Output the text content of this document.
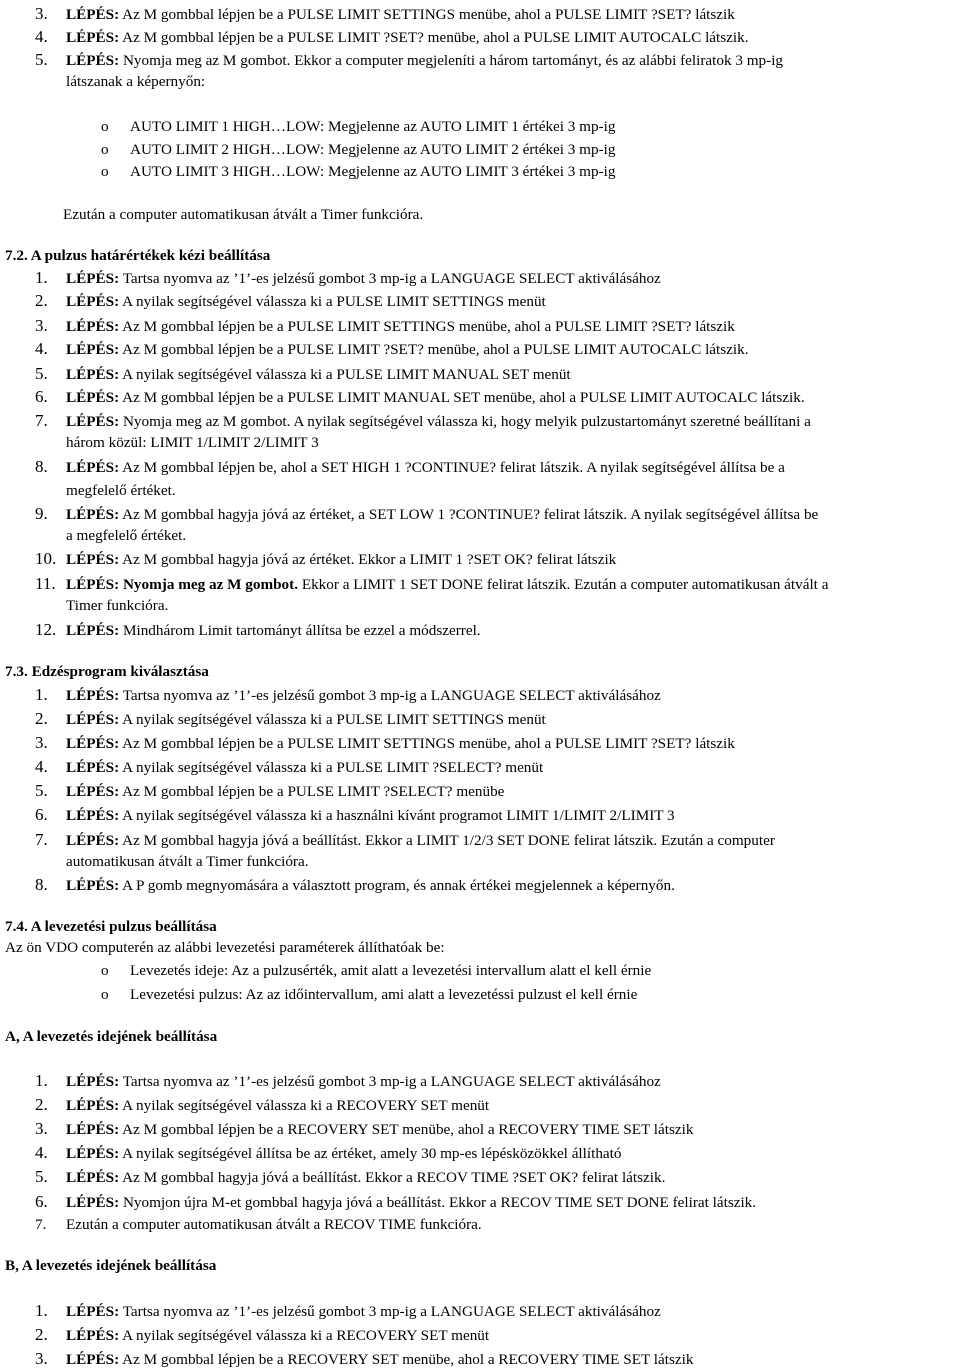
3. LÉPÉS: Az M gombbal lépjen be a PULSE LIMIT SETTINGS menübe, ahol a PULSE LIMIT ?SET? látszik
4. LÉPÉS: Az M gombbal lépjen be a PULSE LIMIT ?SET? menübe, ahol a PULSE LIMIT AUTOCALC látszik.
5. LÉPÉS: Nyomja meg az M gombot. Ekkor a computer megjeleníti a három tartományt, és az alábbi feliratok 3 mp-ig
látszanak a képernyőn:
o AUTO LIMIT 1 HIGH…LOW: Megjelenne az AUTO LIMIT 1 értékei 3 mp-ig
o AUTO LIMIT 2 HIGH…LOW: Megjelenne az AUTO LIMIT 2 értékei 3 mp-ig
o AUTO LIMIT 3 HIGH…LOW: Megjelenne az AUTO LIMIT 3 értékei 3 mp-ig
Ezután a computer automatikusan átvált a Timer funkcióra.
7.2. A pulzus határértékek kézi beállítása
1. LÉPÉS: Tartsa nyomva az ’1’-es jelzésű gombot 3 mp-ig a LANGUAGE SELECT aktiválásához
2. LÉPÉS: A nyilak segítségével válassza ki a PULSE LIMIT SETTINGS menüt
3. LÉPÉS: Az M gombbal lépjen be a PULSE LIMIT SETTINGS menübe, ahol a PULSE LIMIT ?SET? látszik
4. LÉPÉS: Az M gombbal lépjen be a PULSE LIMIT ?SET? menübe, ahol a PULSE LIMIT AUTOCALC látszik.
5. LÉPÉS: A nyilak segítségével válassza ki a PULSE LIMIT MANUAL SET menüt
6. LÉPÉS: Az M gombbal lépjen be a PULSE LIMIT MANUAL SET menübe, ahol a PULSE LIMIT AUTOCALC látszik.
7. LÉPÉS: Nyomja meg az M gombot. A nyilak segítségével válassza ki, hogy melyik pulzustartományt szeretné beállítani a
három közül: LIMIT 1/LIMIT 2/LIMIT 3
8. LÉPÉS: Az M gombbal lépjen be, ahol a SET HIGH 1 ?CONTINUE? felirat látszik. A nyilak segítségével állítsa be a
megfelelő értéket.
9. LÉPÉS: Az M gombbal hagyja jóvá az értéket, a SET LOW 1 ?CONTINUE? felirat látszik. A nyilak segítségével állítsa be
a megfelelő értéket.
10. LÉPÉS: Az M gombbal hagyja jóvá az értéket. Ekkor a LIMIT 1 ?SET OK? felirat látszik
11. LÉPÉS: Nyomja meg az M gombot. Ekkor a LIMIT 1 SET DONE felirat látszik. Ezután a computer automatikusan átvált a
Timer funkcióra.
12. LÉPÉS: Mindhárom Limit tartományt állítsa be ezzel a módszerrel.
7.3. Edzésprogram kiválasztása
1. LÉPÉS: Tartsa nyomva az ’1’-es jelzésű gombot 3 mp-ig a LANGUAGE SELECT aktiválásához
2. LÉPÉS: A nyilak segítségével válassza ki a PULSE LIMIT SETTINGS menüt
3. LÉPÉS: Az M gombbal lépjen be a PULSE LIMIT SETTINGS menübe, ahol a PULSE LIMIT ?SET? látszik
4. LÉPÉS: A nyilak segítségével válassza ki a PULSE LIMIT ?SELECT? menüt
5. LÉPÉS: Az M gombbal lépjen be a PULSE LIMIT ?SELECT? menübe
6. LÉPÉS: A nyilak segítségével válassza ki a használni kívánt programot LIMIT 1/LIMIT 2/LIMIT 3
7. LÉPÉS: Az M gombbal hagyja jóvá a beállítást. Ekkor a LIMIT 1/2/3 SET DONE felirat látszik. Ezután a computer
automatikusan átvált a Timer funkcióra.
8. LÉPÉS: A P gomb megnyomására a választott program, és annak értékei megjelennek a képernyőn.
7.4. A levezetési pulzus beállítása
Az ön VDO computerén az alábbi levezetési paraméterek állíthatóak be:
o Levezetés ideje: Az a pulzusérték, amit alatt a levezetési intervallum alatt el kell érnie
o Levezetési pulzus: Az az időintervallum, ami alatt a levezetéssi pulzust el kell érnie
A, A levezetés idejének beállítása
1. LÉPÉS: Tartsa nyomva az ’1’-es jelzésű gombot 3 mp-ig a LANGUAGE SELECT aktiválásához
2. LÉPÉS: A nyilak segítségével válassza ki a RECOVERY SET menüt
3. LÉPÉS: Az M gombbal lépjen be a RECOVERY SET menübe, ahol a RECOVERY TIME SET látszik
4. LÉPÉS: A nyilak segítségével állítsa be az értéket, amely 30 mp-es lépésközökkel állítható
5. LÉPÉS: Az M gombbal hagyja jóvá a beállítást. Ekkor a RECOV TIME ?SET OK? felirat látszik.
6. LÉPÉS: Nyomjon újra M-et gombbal hagyja jóvá a beállítást. Ekkor a RECOV TIME SET DONE felirat látszik.
7. Ezután a computer automatikusan átvált a RECOV TIME funkcióra.
B, A levezetés idejének beállítása
1. LÉPÉS: Tartsa nyomva az ’1’-es jelzésű gombot 3 mp-ig a LANGUAGE SELECT aktiválásához
2. LÉPÉS: A nyilak segítségével válassza ki a RECOVERY SET menüt
3. LÉPÉS: Az M gombbal lépjen be a RECOVERY SET menübe, ahol a RECOVERY TIME SET látszik
